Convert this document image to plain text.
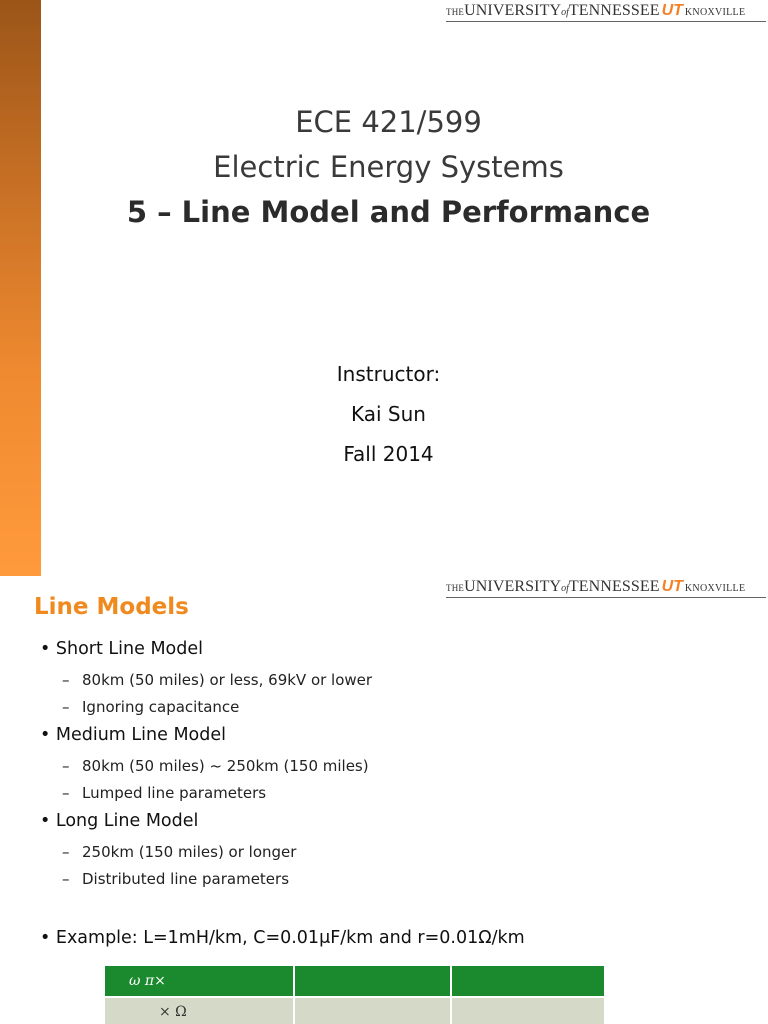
THEUNIVERSITYofTENNESSEE UT KNOXVILLE
ECE 421/599
Electric Energy Systems
5 – Line Model and Performance
Instructor:
Kai Sun
Fall 2014
THEUNIVERSITYofTENNESSEE UT KNOXVILLE
Line Models
• Short Line Model
– 80km (50 miles) or less, 69kV or lower
– Ignoring capacitance
• Medium Line Model
– 80km (50 miles) ~ 250km (150 miles)
– Lumped line parameters
• Long Line Model
– 250km (150 miles) or longer
– Distributed line parameters
• Example: L=1mH/km, C=0.01μF/km and r=0.01Ω/km
ω π×
× Ω
